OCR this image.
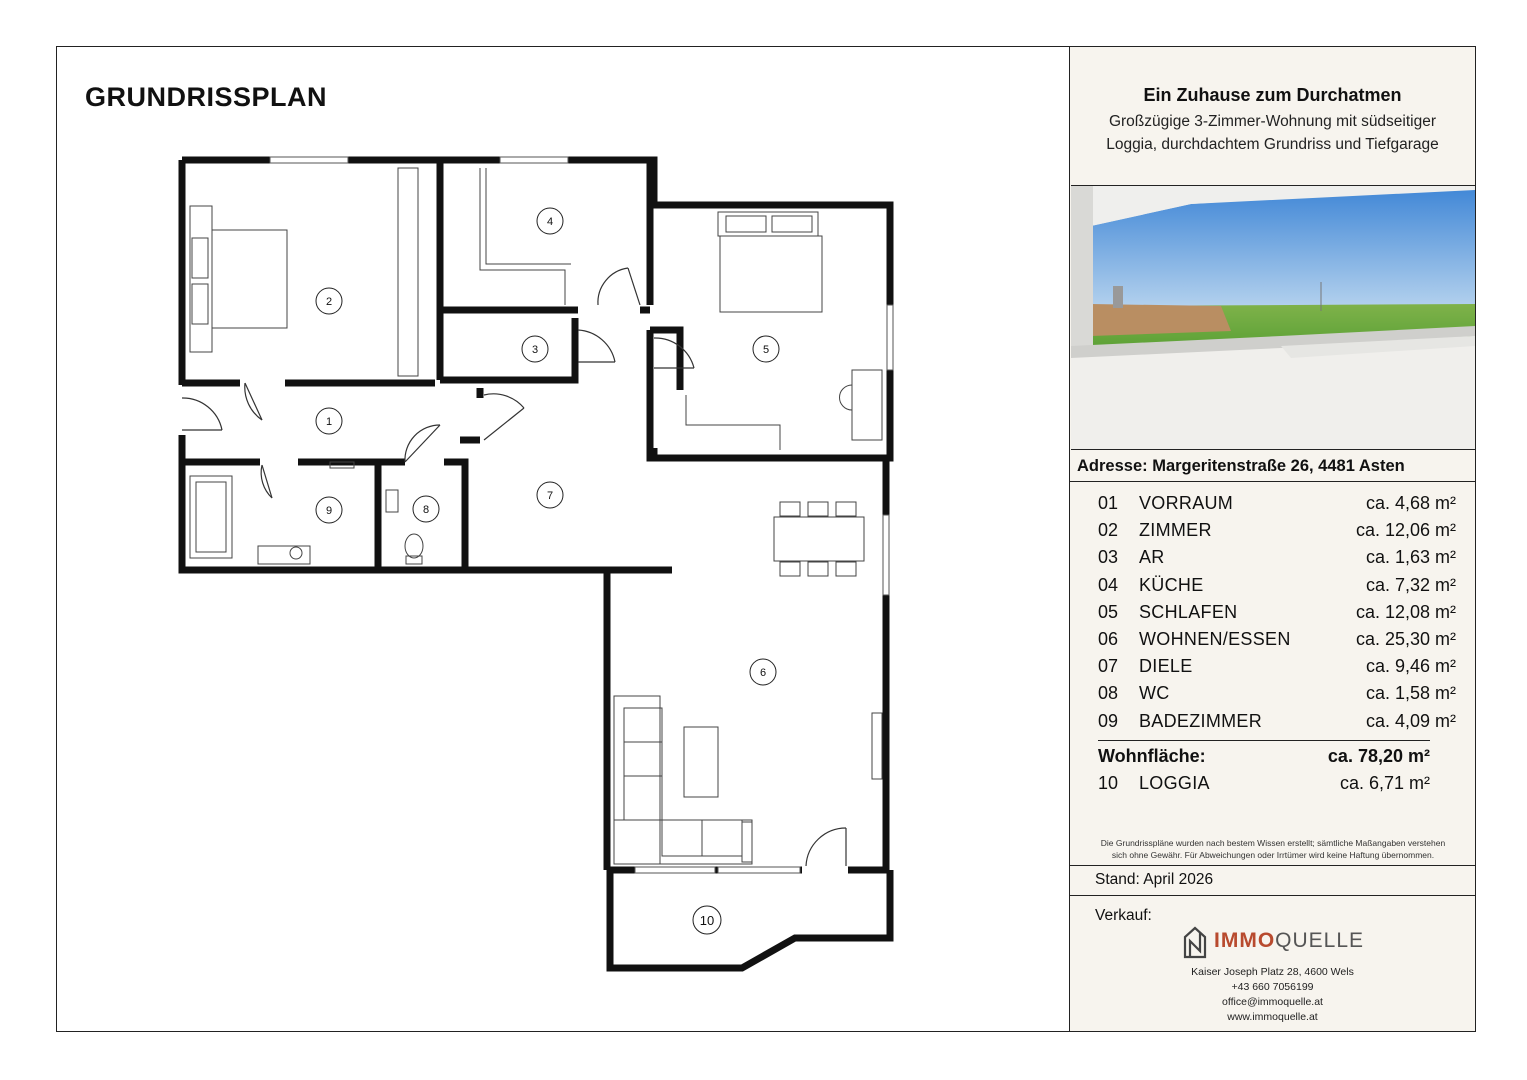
GRUNDRISSPLAN
1
2
3
4
5
6
7
8
9
10
Ein Zuhause zum Durchatmen
Großzügige 3-Zimmer-Wohnung mit südseitiger
Loggia, durchdachtem Grundriss und Tiefgarage
Adresse: Margeritenstraße 26, 4481 Asten
01 VORRAUM	ca. 4,68 m²
02 ZIMMER	ca. 12,06 m²
03 AR	ca. 1,63 m²
04 KÜCHE	ca. 7,32 m²
05 SCHLAFEN	ca. 12,08 m²
06 WOHNEN/ESSEN	ca. 25,30 m²
07 DIELE	ca. 9,46 m²
08 WC	ca. 1,58 m²
09 BADEZIMMER	ca. 4,09 m²
Wohnfläche:	ca. 78,20 m²
10 LOGGIA	ca. 6,71 m²
Die Grundrisspläne wurden nach bestem Wissen erstellt; sämtliche Maßangaben verstehen
sich ohne Gewähr. Für Abweichungen oder Irrtümer wird keine Haftung übernommen.
Stand: April 2026
Verkauf:
IMMOQUELLE
Kaiser Joseph Platz 28, 4600 Wels
+43 660 7056199
office@immoquelle.at
www.immoquelle.at
